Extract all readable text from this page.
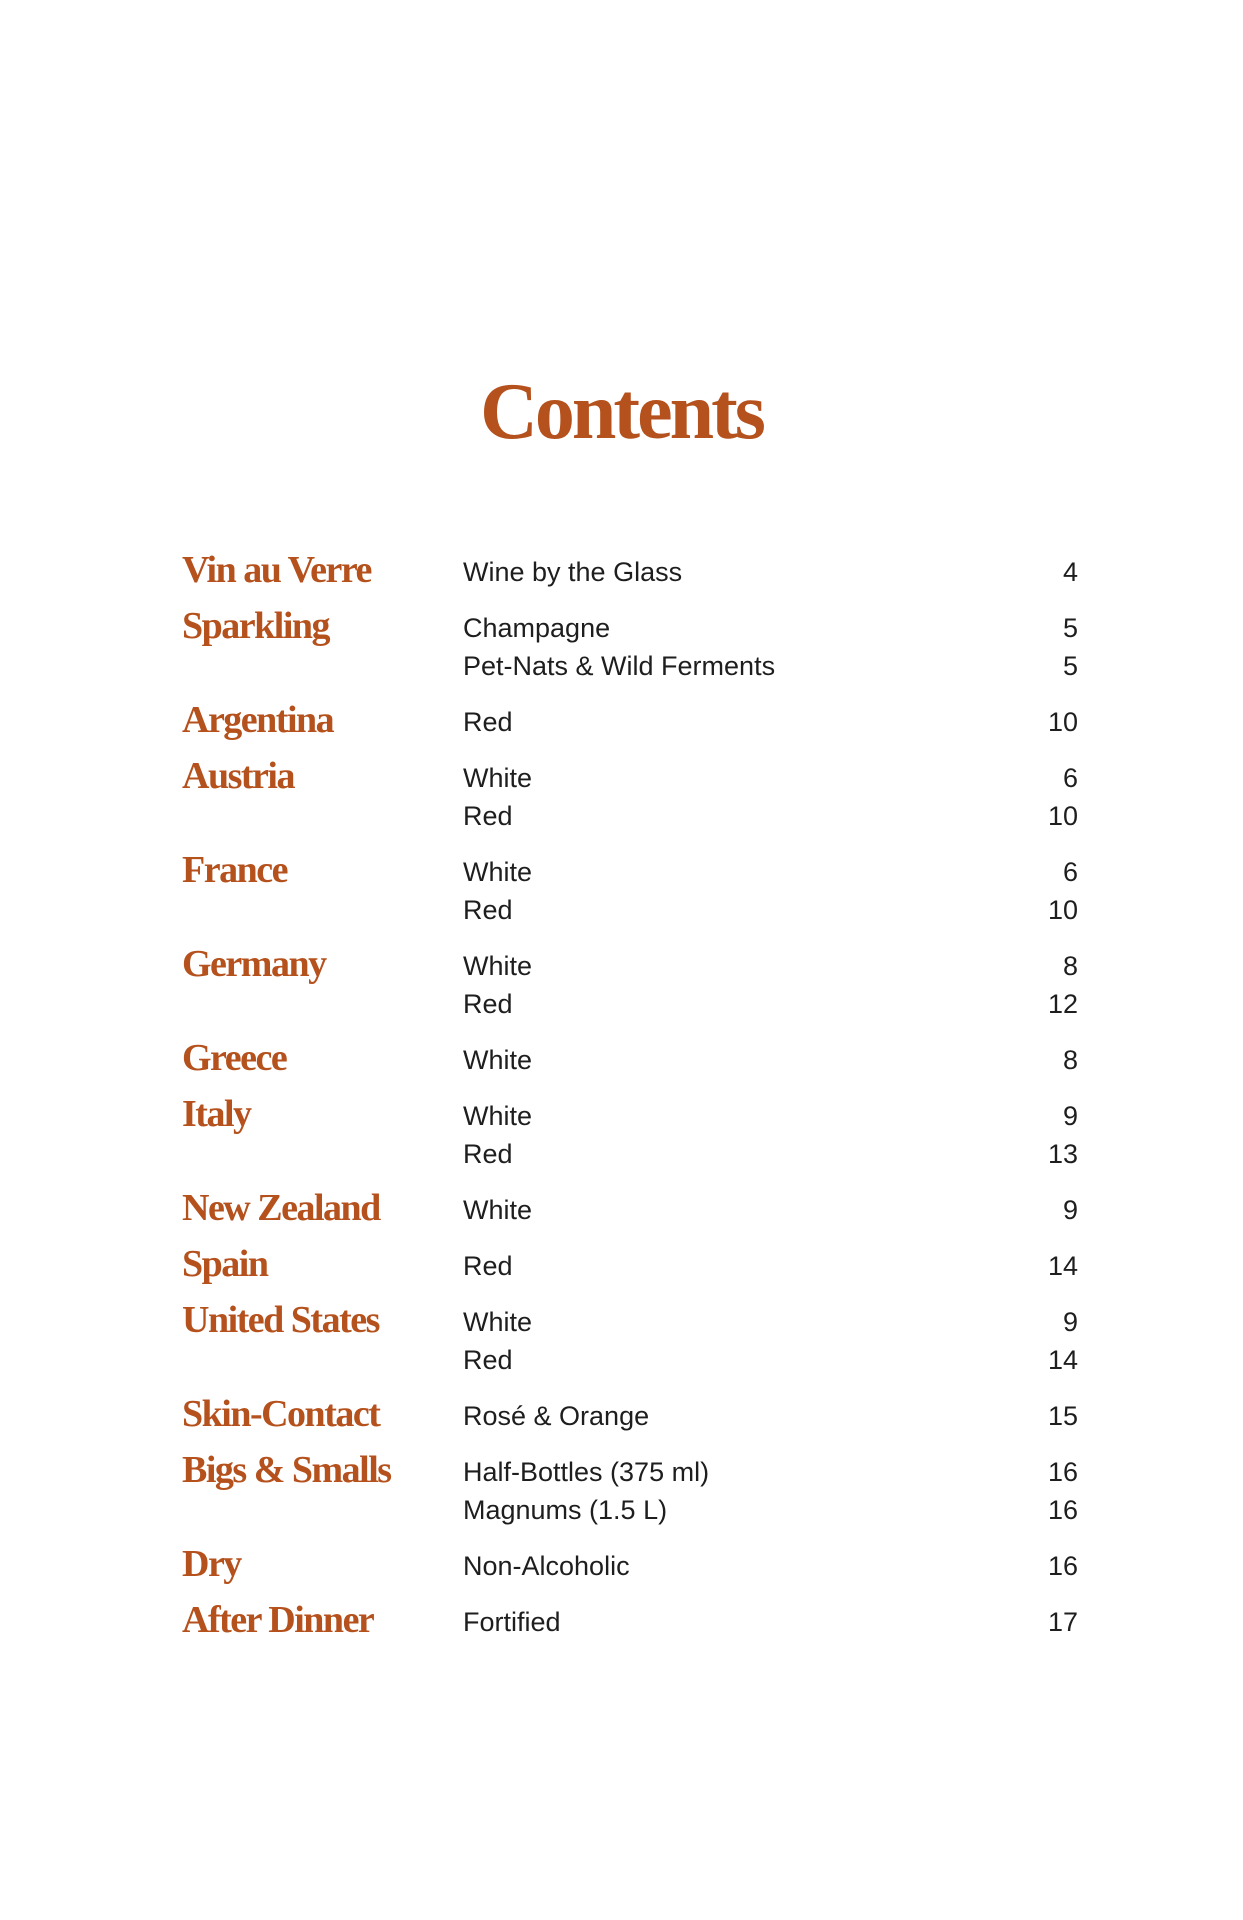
Contents
Vin au Verre	Wine by the Glass	4
Sparkling	Champagne	5
Pet-Nats & Wild Ferments	5
Argentina	Red	10
Austria	White	6
Red	10
France	White	6
Red	10
Germany	White	8
Red	12
Greece	White	8
Italy	White	9
Red	13
New Zealand	White	9
Spain	Red	14
United States	White	9
Red	14
Skin-Contact	Rosé & Orange	15
Bigs & Smalls	Half-Bottles (375 ml)	16
Magnums (1.5 L)	16
Dry	Non-Alcoholic	16
After Dinner	Fortified	17
